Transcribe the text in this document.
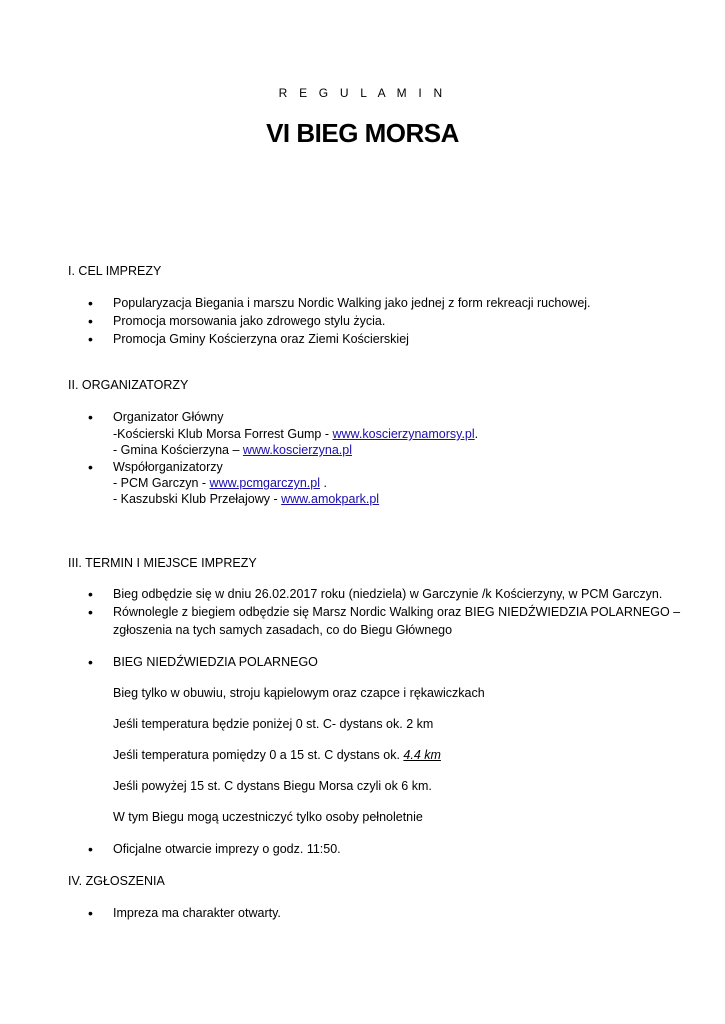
R E G U L A M I N
VI BIEG MORSA
I. CEL IMPREZY
• Popularyzacja Biegania i marszu Nordic Walking jako jednej z form rekreacji ruchowej.
• Promocja morsowania jako zdrowego stylu życia.
• Promocja Gminy Kościerzyna oraz Ziemi Kościerskiej
II. ORGANIZATORZY
• Organizator Główny
-Kościerski Klub Morsa Forrest Gump - www.koscierzynamorsy.pl.
- Gmina Kościerzyna – www.koscierzyna.pl
• Współorganizatorzy
- PCM Garczyn - www.pcmgarczyn.pl .
- Kaszubski Klub Przełajowy - www.amokpark.pl
III. TERMIN I MIEJSCE IMPREZY
• Bieg odbędzie się w dniu 26.02.2017 roku (niedziela) w Garczynie /k Kościerzyny, w PCM Garczyn.
• Równolegle z biegiem odbędzie się Marsz Nordic Walking oraz BIEG NIEDŹWIEDZIA POLARNEGO –
zgłoszenia na tych samych zasadach, co do Biegu Głównego
• BIEG NIEDŹWIEDZIA POLARNEGO
Bieg tylko w obuwiu, stroju kąpielowym oraz czapce i rękawiczkach
Jeśli temperatura będzie poniżej 0 st. C- dystans ok. 2 km
Jeśli temperatura pomiędzy 0 a 15 st. C dystans ok. 4.4 km
Jeśli powyżej 15 st. C dystans Biegu Morsa czyli ok 6 km.
W tym Biegu mogą uczestniczyć tylko osoby pełnoletnie
• Oficjalne otwarcie imprezy o godz. 11:50.
IV. ZGŁOSZENIA
• Impreza ma charakter otwarty.
